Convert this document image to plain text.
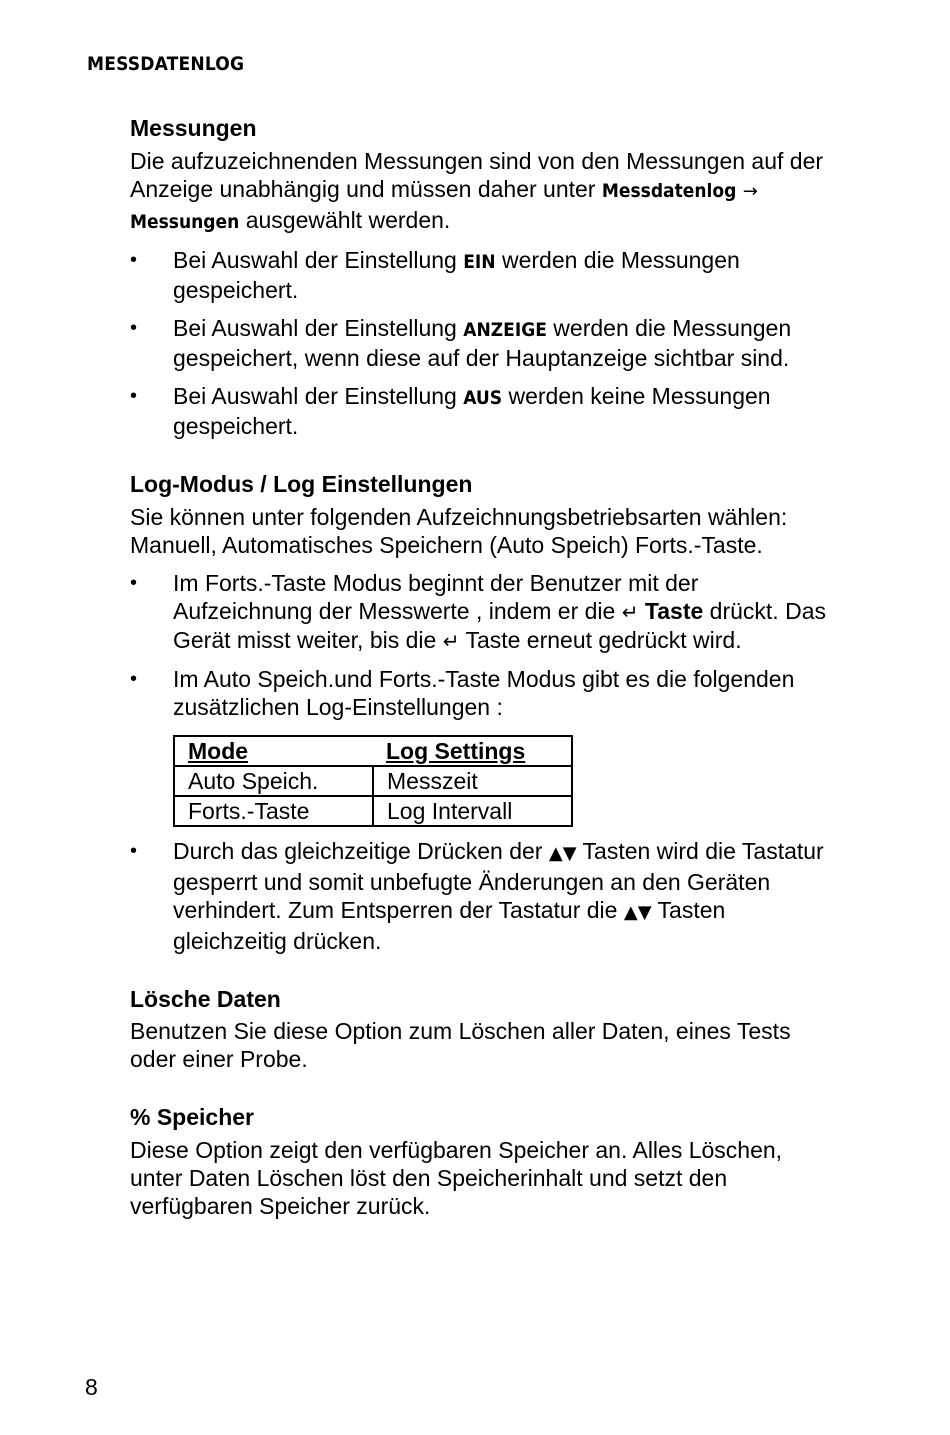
MESSDATENLOG
Messungen

Die aufzuzeichnenden Messungen sind von den Messungen auf der Anzeige unabhängig und müssen daher unter Messdatenlog → Messungen ausgewählt werden.

• Bei Auswahl der Einstellung EIN werden die Messungen gespeichert.
• Bei Auswahl der Einstellung ANZEIGE werden die Messungen gespeichert, wenn diese auf der Hauptanzeige sichtbar sind.
• Bei Auswahl der Einstellung AUS werden keine Messungen gespeichert.
Log-Modus / Log Einstellungen

Sie können unter folgenden Aufzeichnungsbetriebsarten wählen: Manuell, Automatisches Speichern (Auto Speich) Forts.-Taste.

• Im Forts.-Taste Modus beginnt der Benutzer mit der Aufzeichnung der Messwerte , indem er die ↵ Taste drückt. Das Gerät misst weiter, bis die ↵ Taste erneut gedrückt wird.
• Im Auto Speich.und Forts.-Taste Modus gibt es die folgenden zusätzlichen Log-Einstellungen :
Mode	Log Settings
Auto Speich.	Messzeit
Forts.-Taste	Log Intervall
• Durch das gleichzeitige Drücken der ▲▼ Tasten wird die Tastatur gesperrt und somit unbefugte Änderungen an den Geräten verhindert. Zum Entsperren der Tastatur die ▲▼ Tasten gleichzeitig drücken.
Lösche Daten

Benutzen Sie diese Option zum Löschen aller Daten, eines Tests oder einer Probe.

% Speicher

Diese Option zeigt den verfügbaren Speicher an. Alles Löschen, unter Daten Löschen löst den Speicherinhalt und setzt den verfügbaren Speicher zurück.

8
